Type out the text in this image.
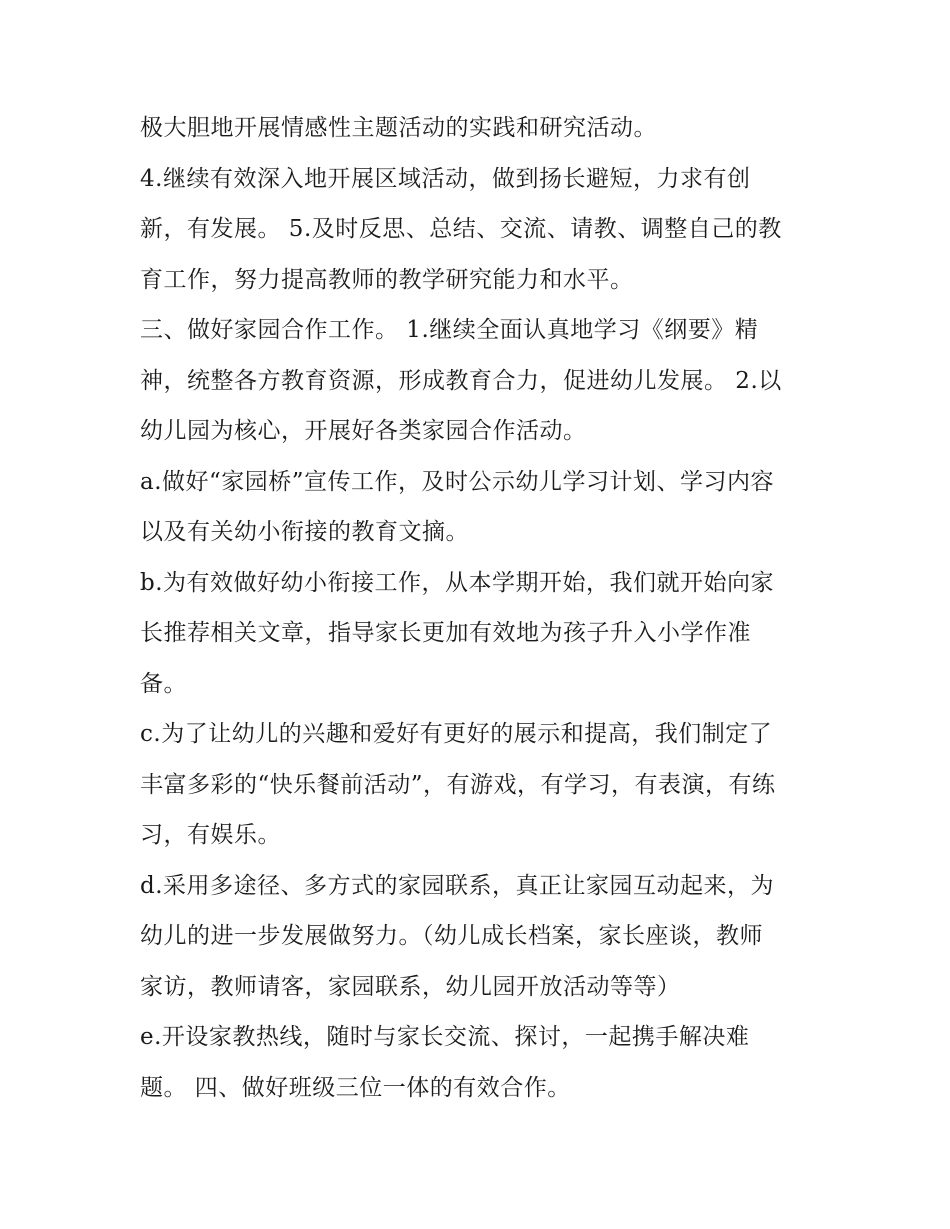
极大胆地开展情感性主题活动的实践和研究活动。

4.继续有效深入地开展区域活动，做到扬长避短，力求有创
新，有发展。 5.及时反思、总结、交流、请教、调整自己的教
育工作，努力提高教师的教学研究能力和水平。

三、做好家园合作工作。 1.继续全面认真地学习《纲要》精
神，统整各方教育资源，形成教育合力，促进幼儿发展。 2.以
幼儿园为核心，开展好各类家园合作活动。

a.做好“家园桥”宣传工作，及时公示幼儿学习计划、学习内容
以及有关幼小衔接的教育文摘。

b.为有效做好幼小衔接工作，从本学期开始，我们就开始向家
长推荐相关文章，指导家长更加有效地为孩子升入小学作准
备。

c.为了让幼儿的兴趣和爱好有更好的展示和提高，我们制定了
丰富多彩的“快乐餐前活动”，有游戏，有学习，有表演，有练
习，有娱乐。

d.采用多途径、多方式的家园联系，真正让家园互动起来，为
幼儿的进一步发展做努力。（幼儿成长档案，家长座谈，教师
家访，教师请客，家园联系，幼儿园开放活动等等）

e.开设家教热线，随时与家长交流、探讨，一起携手解决难
题。 四、做好班级三位一体的有效合作。
